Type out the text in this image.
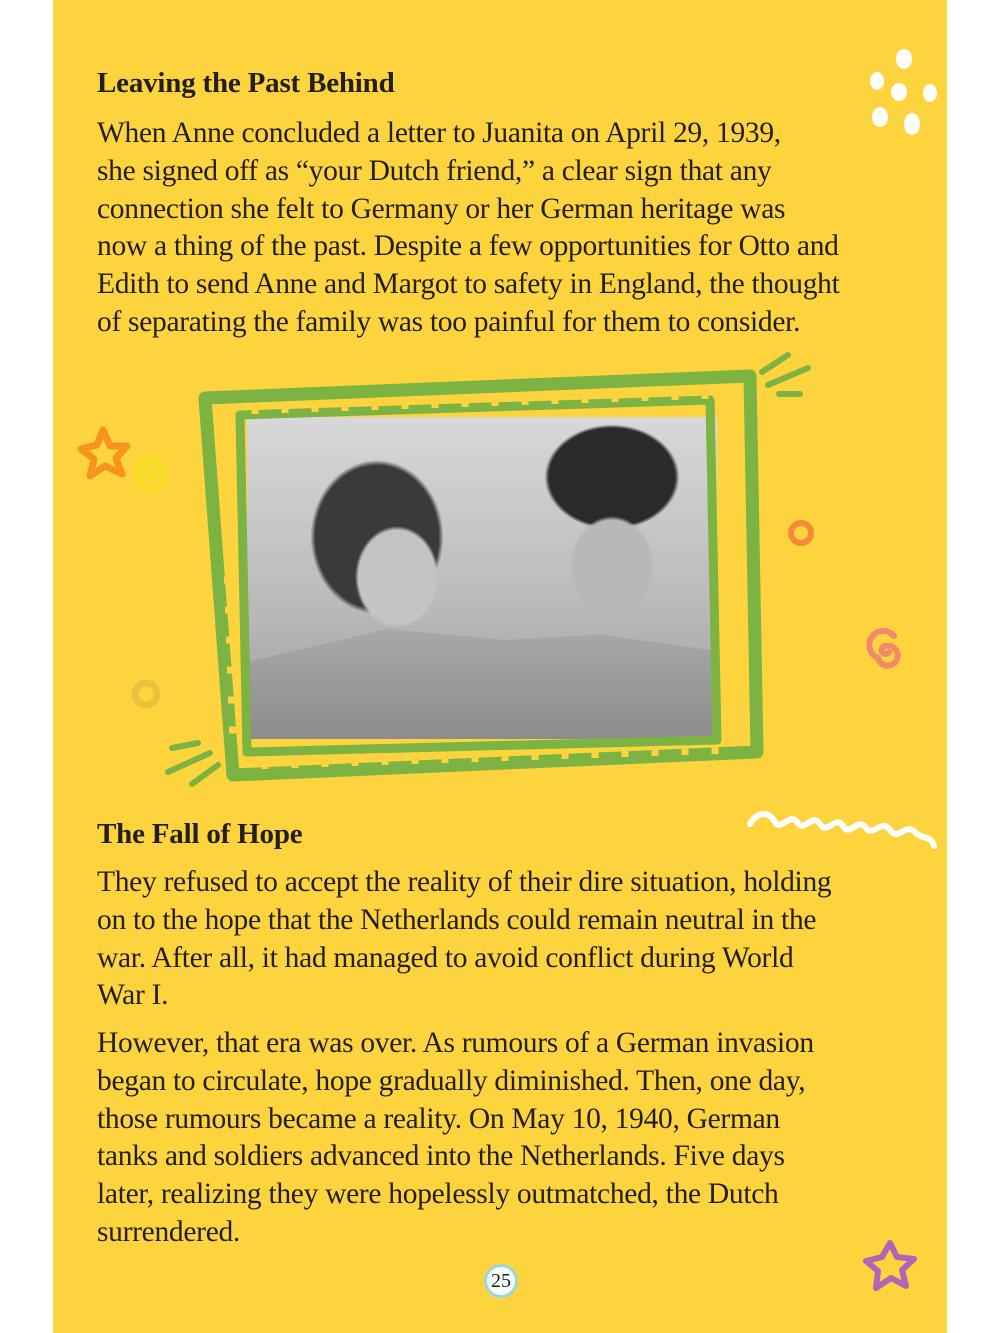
Leaving the Past Behind

When Anne concluded a letter to Juanita on April 29, 1939,
she signed off as “your Dutch friend,” a clear sign that any
connection she felt to Germany or her German heritage was
now a thing of the past. Despite a few opportunities for Otto and
Edith to send Anne and Margot to safety in England, the thought
of separating the family was too painful for them to consider.

The Fall of Hope

They refused to accept the reality of their dire situation, holding
on to the hope that the Netherlands could remain neutral in the
war. After all, it had managed to avoid conflict during World
War I.

However, that era was over. As rumours of a German invasion
began to circulate, hope gradually diminished. Then, one day,
those rumours became a reality. On May 10, 1940, German
tanks and soldiers advanced into the Netherlands. Five days
later, realizing they were hopelessly outmatched, the Dutch
surrendered.

25
